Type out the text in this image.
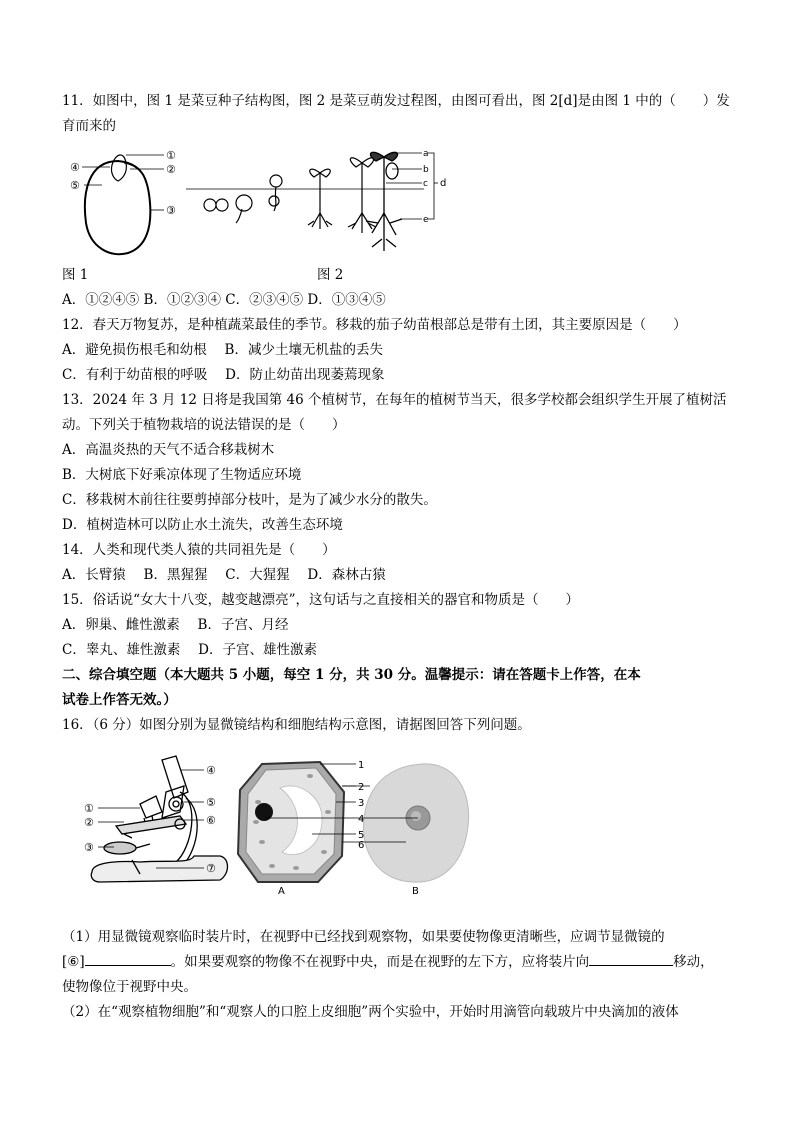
11．如图中，图 1 是菜豆种子结构图，图 2 是菜豆萌发过程图，由图可看出，图 2[d]是由图 1 中的（　　）发
育而来的
①
②
③
④
⑤
a
b
c d
e
图 1	图 2
A．①②④⑤ B．①②③④ C．②③④⑤ D．①③④⑤
12．春天万物复苏，是种植蔬菜最佳的季节。移栽的茄子幼苗根部总是带有土团，其主要原因是（　　）
A．避免损伤根毛和幼根　 B．减少土壤无机盐的丢失
C．有利于幼苗根的呼吸　 D．防止幼苗出现萎蔫现象
13．2024 年 3 月 12 日将是我国第 46 个植树节，在每年的植树节当天，很多学校都会组织学生开展了植树活
动。下列关于植物栽培的说法错误的是（　　）
A．高温炎热的天气不适合移栽树木
B．大树底下好乘凉体现了生物适应环境
C．移栽树木前往往要剪掉部分枝叶，是为了减少水分的散失。
D．植树造林可以防止水土流失，改善生态环境
14．人类和现代类人猿的共同祖先是（　　）
A．长臂猿　 B．黑猩猩　 C．大猩猩　 D．森林古猿
15．俗话说“女大十八变，越变越漂亮”，这句话与之直接相关的器官和物质是（　　）
A．卵巢、雌性激素　 B．子宫、月经
C．睾丸、雄性激素　 D．子宫、雄性激素
二、综合填空题（本大题共 5 小题，每空 1 分，共 30 分。温馨提示：请在答题卡上作答，在本
试卷上作答无效。）
16．（6 分）如图分别为显微镜结构和细胞结构示意图，请据图回答下列问题。
①
②
③
④
⑤
⑥
⑦
1
2
3
4
5
6
A	B
（1）用显微镜观察临时装片时，在视野中已经找到观察物，如果要使物像更清晰些，应调节显微镜的
[⑥]	。如果要观察的物像不在视野中央，而是在视野的左下方，应将装片向	移动，
使物像位于视野中央。
（2）在“观察植物细胞”和“观察人的口腔上皮细胞”两个实验中，开始时用滴管向载玻片中央滴加的液体
